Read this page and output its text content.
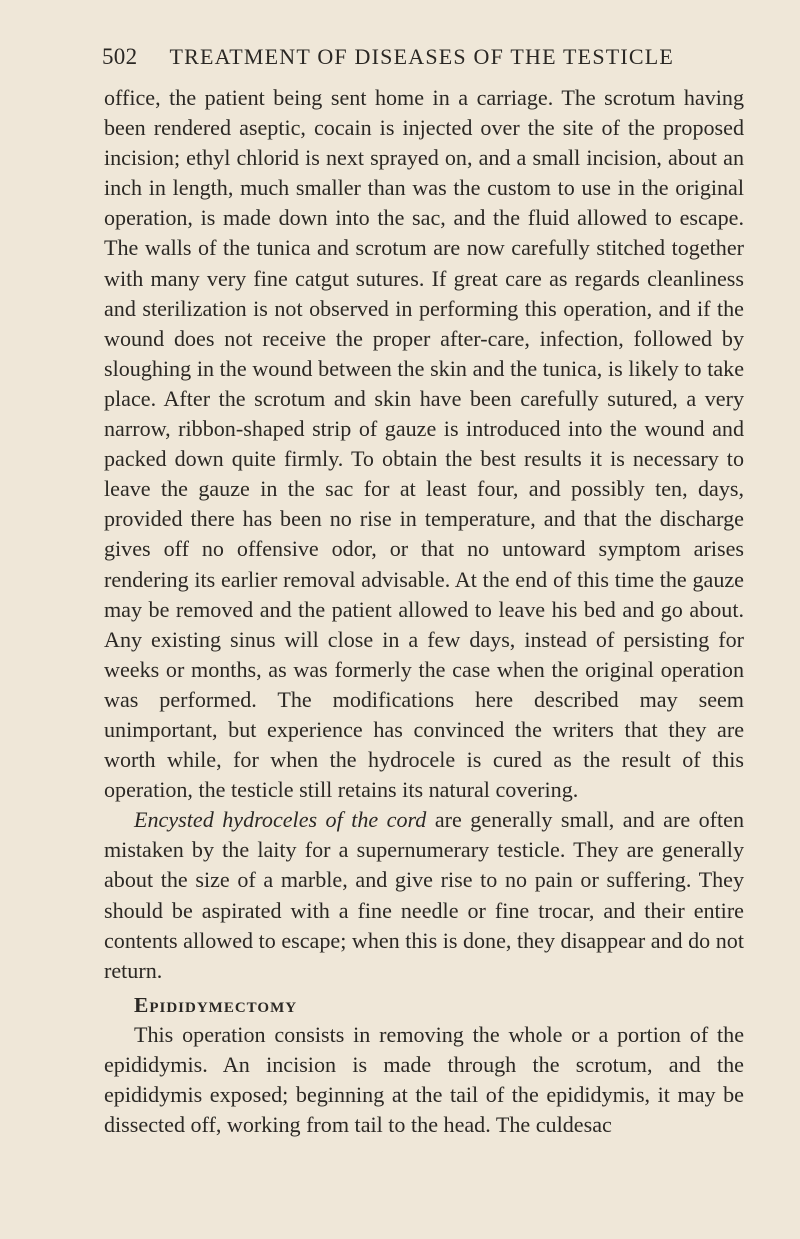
502 TREATMENT OF DISEASES OF THE TESTICLE

office, the patient being sent home in a carriage. The scrotum having been rendered aseptic, cocain is injected over the site of the proposed incision; ethyl chlorid is next sprayed on, and a small incision, about an inch in length, much smaller than was the custom to use in the original operation, is made down into the sac, and the fluid allowed to escape. The walls of the tunica and scrotum are now carefully stitched together with many very fine catgut sutures. If great care as regards cleanliness and sterilization is not observed in performing this operation, and if the wound does not receive the proper after-care, infection, followed by sloughing in the wound between the skin and the tunica, is likely to take place. After the scrotum and skin have been carefully sutured, a very narrow, ribbon-shaped strip of gauze is introduced into the wound and packed down quite firmly. To obtain the best results it is necessary to leave the gauze in the sac for at least four, and possibly ten, days, provided there has been no rise in temperature, and that the discharge gives off no offensive odor, or that no untoward symptom arises rendering its earlier removal advisable. At the end of this time the gauze may be removed and the patient allowed to leave his bed and go about. Any existing sinus will close in a few days, instead of persisting for weeks or months, as was formerly the case when the original operation was performed. The modifications here described may seem unimportant, but experience has convinced the writers that they are worth while, for when the hydrocele is cured as the result of this operation, the testicle still retains its natural covering.

Encysted hydroceles of the cord are generally small, and are often mistaken by the laity for a supernumerary testicle. They are generally about the size of a marble, and give rise to no pain or suffering. They should be aspirated with a fine needle or fine trocar, and their entire contents allowed to escape; when this is done, they disappear and do not return.

Epididymectomy

This operation consists in removing the whole or a portion of the epididymis. An incision is made through the scrotum, and the epididymis exposed; beginning at the tail of the epididymis, it may be dissected off, working from tail to the head. The culdesac
